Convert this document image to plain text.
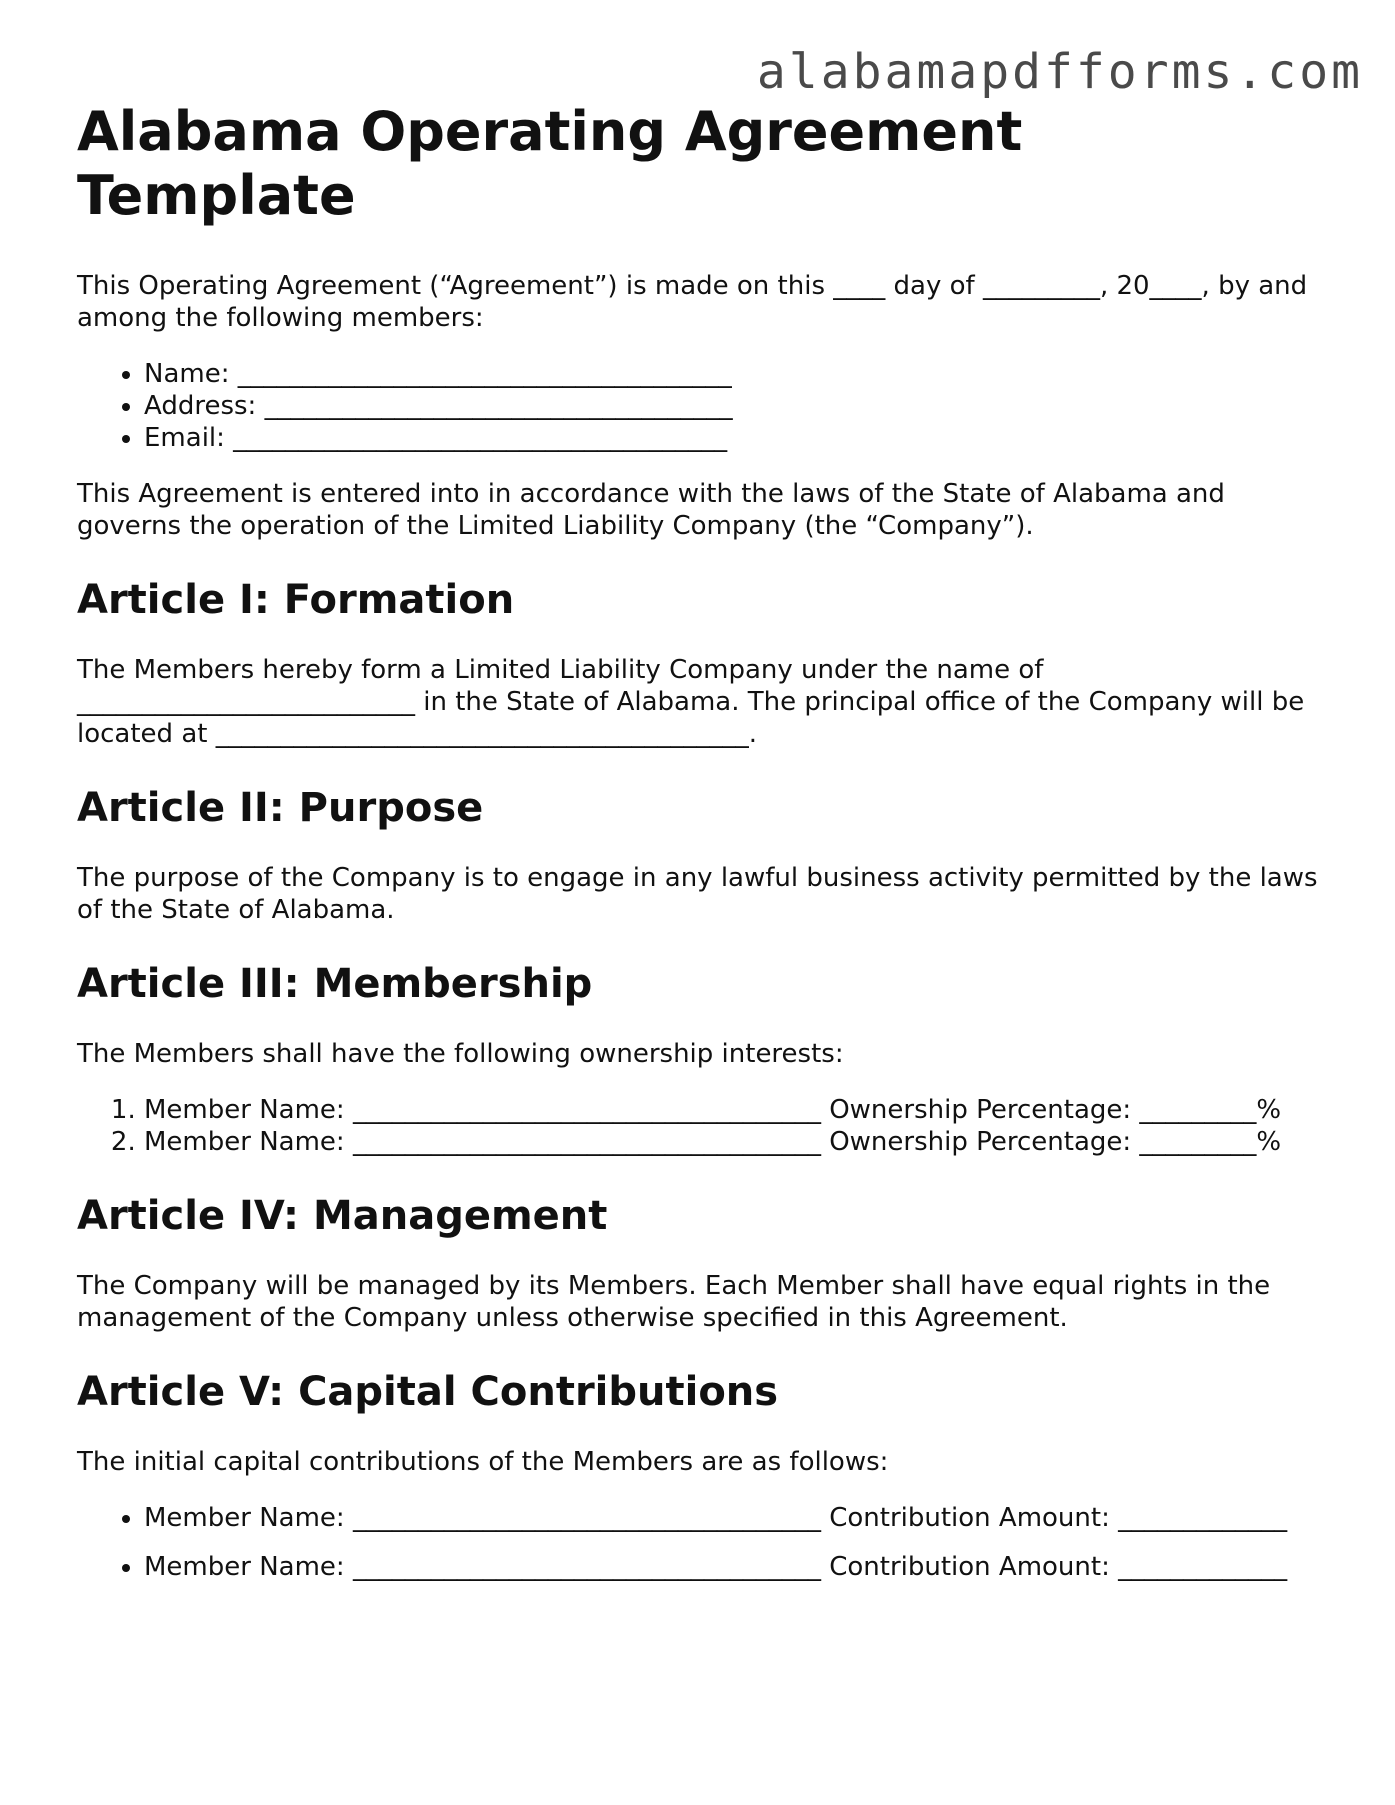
alabamapdfforms.com
Alabama Operating Agreement Template

This Operating Agreement (“Agreement”) is made on this ____ day of _________, 20____, by and among the following members:

• Name: ______________________________________
• Address: ____________________________________
• Email: ______________________________________

This Agreement is entered into in accordance with the laws of the State of Alabama and governs the operation of the Limited Liability Company (the “Company”).

Article I: Formation

The Members hereby form a Limited Liability Company under the name of __________________________ in the State of Alabama. The principal office of the Company will be located at _________________________________________.

Article II: Purpose

The purpose of the Company is to engage in any lawful business activity permitted by the laws of the State of Alabama.

Article III: Membership

The Members shall have the following ownership interests:

1. Member Name: ____________________________________ Ownership Percentage: _________%
2. Member Name: ____________________________________ Ownership Percentage: _________%
Article IV: Management

The Company will be managed by its Members. Each Member shall have equal rights in the management of the Company unless otherwise specified in this Agreement.

Article V: Capital Contributions

The initial capital contributions of the Members are as follows:

• Member Name: ____________________________________ Contribution Amount: _____________
• Member Name: ____________________________________ Contribution Amount: _____________
